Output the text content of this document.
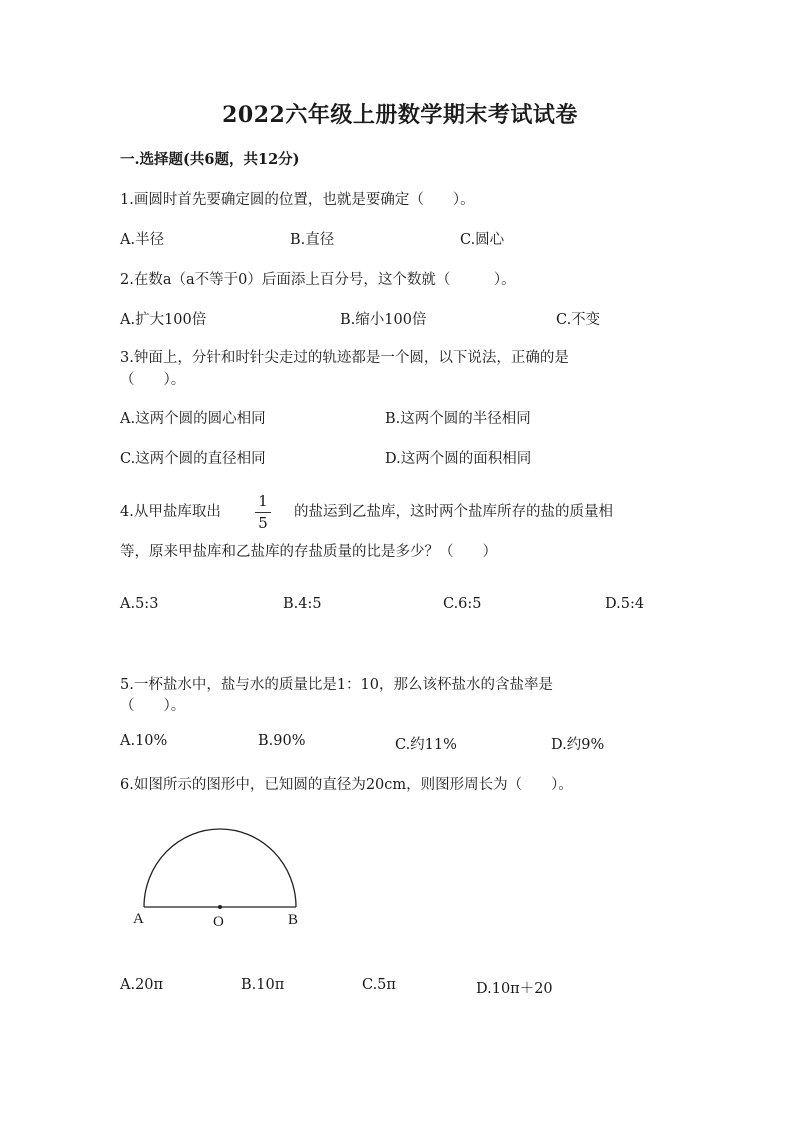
2022六年级上册数学期末考试试卷
一.选择题(共6题，共12分)
1.画圆时首先要确定圆的位置，也就是要确定（　　）。
A.半径	B.直径	C.圆心
2.在数a（a不等于0）后面添上百分号，这个数就（　　　）。
A.扩大100倍	B.缩小100倍	C.不变
3.钟面上，分针和时针尖走过的轨迹都是一个圆，以下说法，正确的是
（　　）。
A.这两个圆的圆心相同	B.这两个圆的半径相同
C.这两个圆的直径相同	D.这两个圆的面积相同
4.从甲盐库取出
1
5
的盐运到乙盐库，这时两个盐库所存的盐的质量相
等，原来甲盐库和乙盐库的存盐质量的比是多少？（　　）
A.5:3	B.4:5	C.6:5	D.5:4
5.一杯盐水中，盐与水的质量比是1：10，那么该杯盐水的含盐率是
（　　）。
A.10%	B.90%	C.约11%	D.约9%
6.如图所示的图形中，已知圆的直径为20cm，则图形周长为（　　）。
A	O	B
A.20π	B.10π	C.5π	D.10π＋20
